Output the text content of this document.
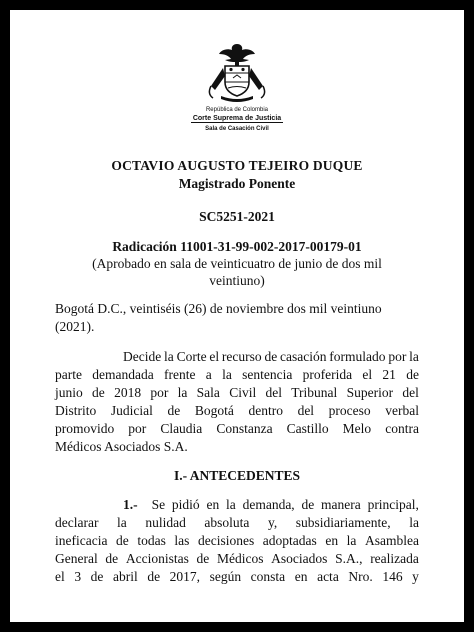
República de Colombia
Corte Suprema de Justicia
Sala de Casación Civil
OCTAVIO AUGUSTO TEJEIRO DUQUE
Magistrado Ponente
SC5251-2021
Radicación 11001-31-99-002-2017-00179-01
(Aprobado en sala de veinticuatro de junio de dos mil
veintiuno)
Bogotá D.C., veintiséis (26) de noviembre dos mil veintiuno
(2021).
Decide la Corte el recurso de casación formulado por la
parte demandada frente a la sentencia proferida el 21 de
junio de 2018 por la Sala Civil del Tribunal Superior del
Distrito Judicial de Bogotá dentro del proceso verbal
promovido por Claudia Constanza Castillo Melo contra
Médicos Asociados S.A.
I.- ANTECEDENTES
1.- Se pidió en la demanda, de manera principal,
declarar la nulidad absoluta y, subsidiariamente, la
ineficacia de todas las decisiones adoptadas en la Asamblea
General de Accionistas de Médicos Asociados S.A., realizada
el 3 de abril de 2017, según consta en acta Nro. 146 y
